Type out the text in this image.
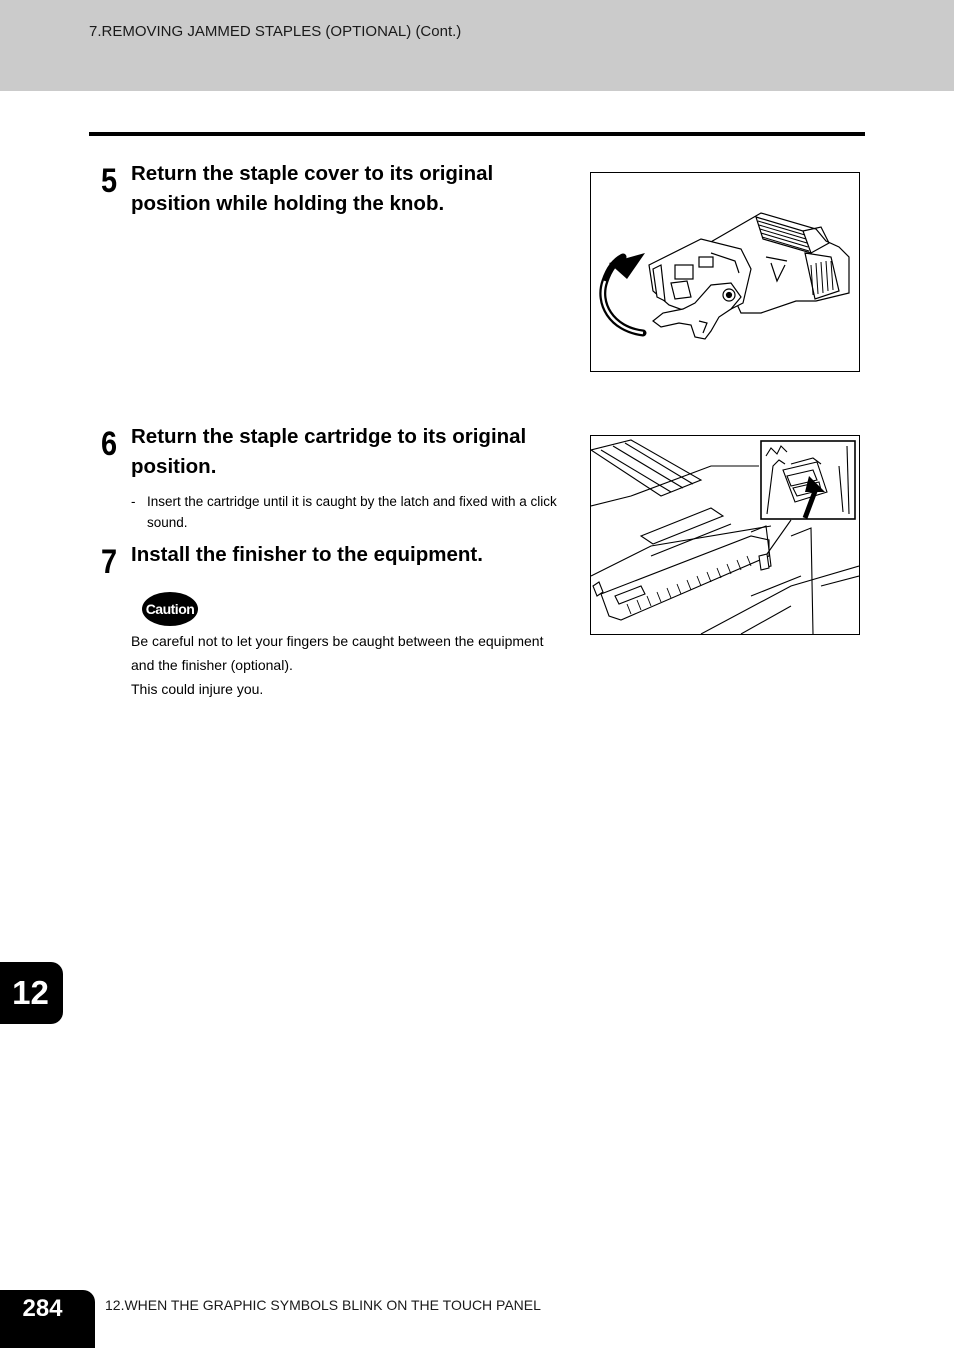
7.REMOVING JAMMED STAPLES (OPTIONAL) (Cont.)
5 Return the staple cover to its original
position while holding the knob.
6 Return the staple cartridge to its original
position.
- Insert the cartridge until it is caught by the latch and fixed with a click sound.
7 Install the finisher to the equipment.
Caution
Be careful not to let your fingers be caught between the equipment
and the finisher (optional).
This could injure you.
12
284	12.WHEN THE GRAPHIC SYMBOLS BLINK ON THE TOUCH PANEL
